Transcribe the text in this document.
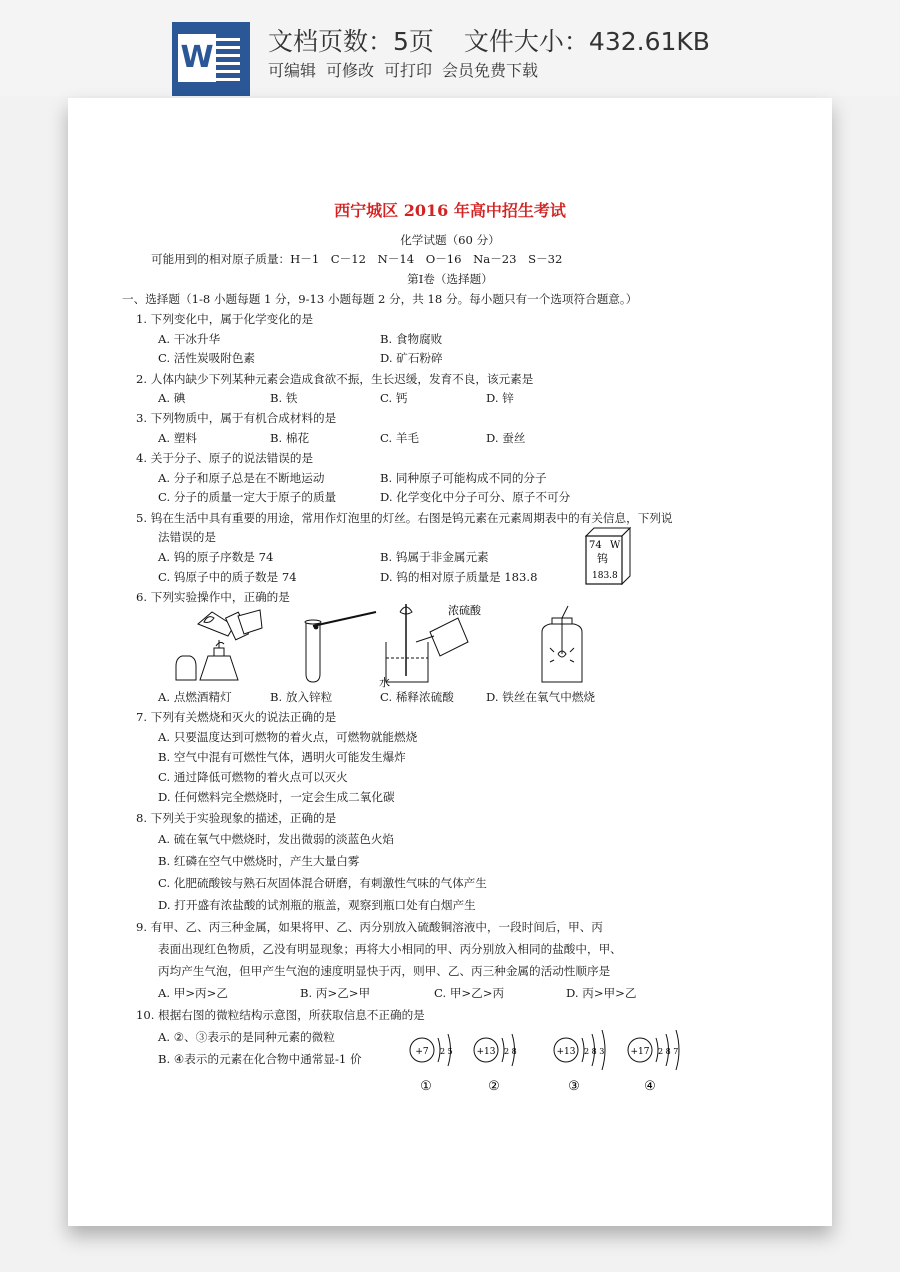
W 文档页数：5页 文件大小：432.61KB
可编辑 可修改 可打印 会员免费下载
西宁城区 2016 年高中招生考试
化学试题（60 分）
可能用到的相对原子质量：H－1　C－12　N－14　O－16　Na－23　S－32
第Ⅰ卷（选择题）
一、选择题（1-8 小题每题 1 分，9-13 小题每题 2 分，共 18 分。每小题只有一个选项符合题意。）
1. 下列变化中，属于化学变化的是
A. 干冰升华	B. 食物腐败
C. 活性炭吸附色素	D. 矿石粉碎
2. 人体内缺少下列某种元素会造成食欲不振，生长迟缓，发育不良，该元素是
A. 碘	B. 铁	C. 钙	D. 锌
3. 下列物质中，属于有机合成材料的是
A. 塑料	B. 棉花	C. 羊毛	D. 蚕丝
4. 关于分子、原子的说法错误的是
A. 分子和原子总是在不断地运动	B. 同种原子可能构成不同的分子
C. 分子的质量一定大于原子的质量	D. 化学变化中分子可分、原子不可分
5. 钨在生活中具有重要的用途，常用作灯泡里的灯丝。右图是钨元素在元素周期表中的有关信息，下列说
法错误的是
A. 钨的原子序数是 74	B. 钨属于非金属元素
C. 钨原子中的质子数是 74	D. 钨的相对原子质量是 183.8
74 W
钨
183.8
6. 下列实验操作中，正确的是
浓硫酸
水
A. 点燃酒精灯	B. 放入锌粒	C. 稀释浓硫酸	D. 铁丝在氧气中燃烧
7. 下列有关燃烧和灭火的说法正确的是
A. 只要温度达到可燃物的着火点，可燃物就能燃烧
B. 空气中混有可燃性气体，遇明火可能发生爆炸
C. 通过降低可燃物的着火点可以灭火
D. 任何燃料完全燃烧时，一定会生成二氧化碳
8. 下列关于实验现象的描述，正确的是
A. 硫在氧气中燃烧时，发出微弱的淡蓝色火焰
B. 红磷在空气中燃烧时，产生大量白雾
C. 化肥硫酸铵与熟石灰固体混合研磨，有刺激性气味的气体产生
D. 打开盛有浓盐酸的试剂瓶的瓶盖，观察到瓶口处有白烟产生
9. 有甲、乙、丙三种金属，如果将甲、乙、丙分别放入硫酸铜溶液中，一段时间后，甲、丙
表面出现红色物质，乙没有明显现象；再将大小相同的甲、丙分别放入相同的盐酸中，甲、
丙均产生气泡，但甲产生气泡的速度明显快于丙，则甲、乙、丙三种金属的活动性顺序是
A. 甲>丙>乙	B. 丙>乙>甲	C. 甲>乙>丙	D. 丙>甲>乙
10. 根据右图的微粒结构示意图，所获取信息不正确的是
A. ②、③表示的是同种元素的微粒
B. ④表示的元素在化合物中通常显-1 价	+7 2 5
①
+13 2 8
②
+13 2 8 3
③
+17 2 8 7
④
